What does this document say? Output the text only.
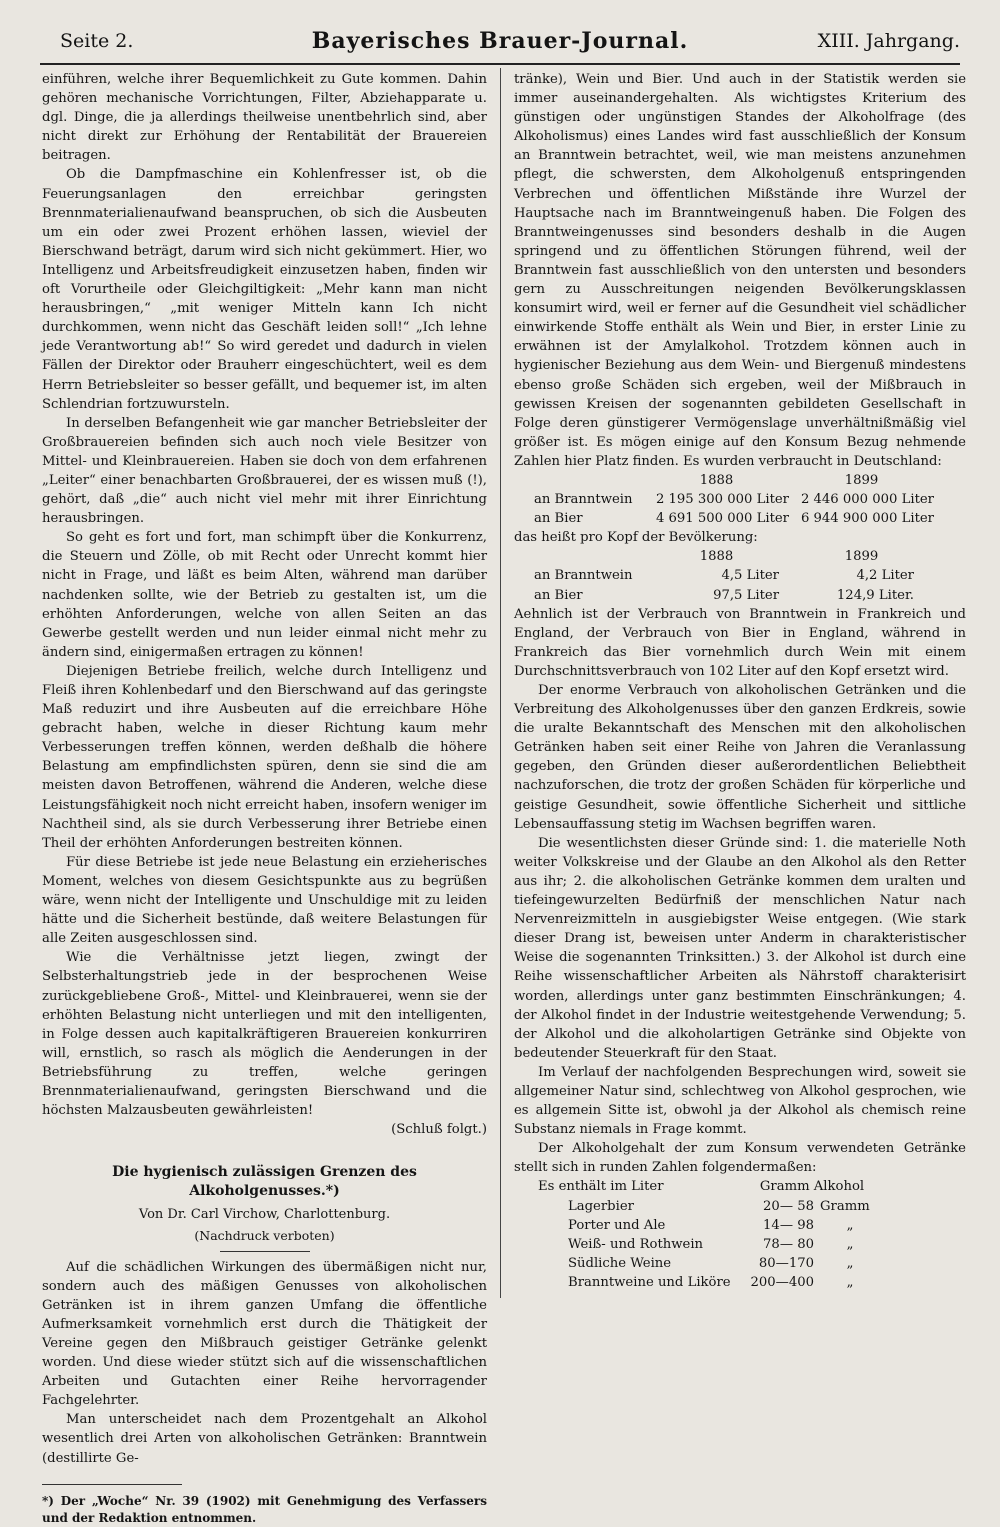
Seite 2.	Bayerisches Brauer-Journal.	XIII. Jahrgang.

einführen, welche ihrer Bequemlichkeit zu Gute kommen. Dahin gehören mechanische Vorrichtungen, Filter, Abziehapparate u. dgl. Dinge, die ja allerdings theilweise unentbehrlich sind, aber nicht direkt zur Erhöhung der Rentabilität der Brauereien beitragen.

Ob die Dampfmaschine ein Kohlenfresser ist, ob die Feuerungsanlagen den erreichbar geringsten Brennmaterialienaufwand beanspruchen, ob sich die Ausbeuten um ein oder zwei Prozent erhöhen lassen, wieviel der Bierschwand beträgt, darum wird sich nicht gekümmert. Hier, wo Intelligenz und Arbeitsfreudigkeit einzusetzen haben, finden wir oft Vorurtheile oder Gleichgiltigkeit: „Mehr kann man nicht herausbringen,“ „mit weniger Mitteln kann Ich nicht durchkommen, wenn nicht das Geschäft leiden soll!“ „Ich lehne jede Verantwortung ab!“ So wird geredet und dadurch in vielen Fällen der Direktor oder Brauherr eingeschüchtert, weil es dem Herrn Betriebsleiter so besser gefällt, und bequemer ist, im alten Schlendrian fortzuwursteln.

In derselben Befangenheit wie gar mancher Betriebsleiter der Großbrauereien befinden sich auch noch viele Besitzer von Mittel- und Kleinbrauereien. Haben sie doch von dem erfahrenen „Leiter“ einer benachbarten Großbrauerei, der es wissen muß (!), gehört, daß „die“ auch nicht viel mehr mit ihrer Einrichtung herausbringen.

So geht es fort und fort, man schimpft über die Konkurrenz, die Steuern und Zölle, ob mit Recht oder Unrecht kommt hier nicht in Frage, und läßt es beim Alten, während man darüber nachdenken sollte, wie der Betrieb zu gestalten ist, um die erhöhten Anforderungen, welche von allen Seiten an das Gewerbe gestellt werden und nun leider einmal nicht mehr zu ändern sind, einigermaßen ertragen zu können!

Diejenigen Betriebe freilich, welche durch Intelligenz und Fleiß ihren Kohlenbedarf und den Bierschwand auf das geringste Maß reduzirt und ihre Ausbeuten auf die erreichbare Höhe gebracht haben, welche in dieser Richtung kaum mehr Verbesserungen treffen können, werden deßhalb die höhere Belastung am empfindlichsten spüren, denn sie sind die am meisten davon Betroffenen, während die Anderen, welche diese Leistungsfähigkeit noch nicht erreicht haben, insofern weniger im Nachtheil sind, als sie durch Verbesserung ihrer Betriebe einen Theil der erhöhten Anforderungen bestreiten können.

Für diese Betriebe ist jede neue Belastung ein erzieherisches Moment, welches von diesem Gesichtspunkte aus zu begrüßen wäre, wenn nicht der Intelligente und Unschuldige mit zu leiden hätte und die Sicherheit bestünde, daß weitere Belastungen für alle Zeiten ausgeschlossen sind.

Wie die Verhältnisse jetzt liegen, zwingt der Selbsterhaltungstrieb jede in der besprochenen Weise zurückgebliebene Groß-, Mittel- und Kleinbrauerei, wenn sie der erhöhten Belastung nicht unterliegen und mit den intelligenten, in Folge dessen auch kapitalkräftigeren Brauereien konkurriren will, ernstlich, so rasch als möglich die Aenderungen in der Betriebsführung zu treffen, welche geringen Brennmaterialienaufwand, geringsten Bierschwand und die höchsten Malzausbeuten gewährleisten!

(Schluß folgt.)

Die hygienisch zulässigen Grenzen des Alkoholgenusses.*)
Von Dr. Carl Virchow, Charlottenburg.
(Nachdruck verboten)

Auf die schädlichen Wirkungen des übermäßigen nicht nur, sondern auch des mäßigen Genusses von alkoholischen Getränken ist in ihrem ganzen Umfang die öffentliche Aufmerksamkeit vornehmlich erst durch die Thätigkeit der Vereine gegen den Mißbrauch geistiger Getränke gelenkt worden. Und diese wieder stützt sich auf die wissenschaftlichen Arbeiten und Gutachten einer Reihe hervorragender Fachgelehrter.

Man unterscheidet nach dem Prozentgehalt an Alkohol wesentlich drei Arten von alkoholischen Getränken: Branntwein (destillirte Ge-

*) Der „Woche“ Nr. 39 (1902) mit Genehmigung des Verfassers und der Redaktion entnommen.

tränke), Wein und Bier. Und auch in der Statistik werden sie immer auseinandergehalten. Als wichtigstes Kriterium des günstigen oder ungünstigen Standes der Alkoholfrage (des Alkoholismus) eines Landes wird fast ausschließlich der Konsum an Branntwein betrachtet, weil, wie man meistens anzunehmen pflegt, die schwersten, dem Alkoholgenuß entspringenden Verbrechen und öffentlichen Mißstände ihre Wurzel der Hauptsache nach im Branntweingenuß haben. Die Folgen des Branntweingenusses sind besonders deshalb in die Augen springend und zu öffentlichen Störungen führend, weil der Branntwein fast ausschließlich von den untersten und besonders gern zu Ausschreitungen neigenden Bevölkerungsklassen konsumirt wird, weil er ferner auf die Gesundheit viel schädlicher einwirkende Stoffe enthält als Wein und Bier, in erster Linie zu erwähnen ist der Amylalkohol. Trotzdem können auch in hygienischer Beziehung aus dem Wein- und Biergenuß mindestens ebenso große Schäden sich ergeben, weil der Mißbrauch in gewissen Kreisen der sogenannten gebildeten Gesellschaft in Folge deren günstigerer Vermögenslage unverhältnißmäßig viel größer ist. Es mögen einige auf den Konsum Bezug nehmende Zahlen hier Platz finden. Es wurden verbraucht in Deutschland:

	1888	1899
an Branntwein	2 195 300 000 Liter	2 446 000 000 Liter
an Bier	4 691 500 000 Liter	6 944 900 000 Liter

das heißt pro Kopf der Bevölkerung:

	1888	1899
an Branntwein	4,5 Liter	4,2 Liter
an Bier	97,5 Liter	124,9 Liter.

Aehnlich ist der Verbrauch von Branntwein in Frankreich und England, der Verbrauch von Bier in England, während in Frankreich das Bier vornehmlich durch Wein mit einem Durchschnittsverbrauch von 102 Liter auf den Kopf ersetzt wird.

Der enorme Verbrauch von alkoholischen Getränken und die Verbreitung des Alkoholgenusses über den ganzen Erdkreis, sowie die uralte Bekanntschaft des Menschen mit den alkoholischen Getränken haben seit einer Reihe von Jahren die Veranlassung gegeben, den Gründen dieser außerordentlichen Beliebtheit nachzuforschen, die trotz der großen Schäden für körperliche und geistige Gesundheit, sowie öffentliche Sicherheit und sittliche Lebensauffassung stetig im Wachsen begriffen waren.

Die wesentlichsten dieser Gründe sind: 1. die materielle Noth weiter Volkskreise und der Glaube an den Alkohol als den Retter aus ihr; 2. die alkoholischen Getränke kommen dem uralten und tiefeingewurzelten Bedürfniß der menschlichen Natur nach Nervenreizmitteln in ausgiebigster Weise entgegen. (Wie stark dieser Drang ist, beweisen unter Anderm in charakteristischer Weise die sogenannten Trinksitten.) 3. der Alkohol ist durch eine Reihe wissenschaftlicher Arbeiten als Nährstoff charakterisirt worden, allerdings unter ganz bestimmten Einschränkungen; 4. der Alkohol findet in der Industrie weitestgehende Verwendung; 5. der Alkohol und die alkoholartigen Getränke sind Objekte von bedeutender Steuerkraft für den Staat.

Im Verlauf der nachfolgenden Besprechungen wird, soweit sie allgemeiner Natur sind, schlechtweg von Alkohol gesprochen, wie es allgemein Sitte ist, obwohl ja der Alkohol als chemisch reine Substanz niemals in Frage kommt.

Der Alkoholgehalt der zum Konsum verwendeten Getränke stellt sich in runden Zahlen folgendermaßen:

Es enthält im Liter	Gramm Alkohol	
Lagerbier	20— 58	Gramm
Porter und Ale	14— 98	„
Weiß- und Rothwein	78— 80	„
Südliche Weine	80—170	„
Branntweine und Liköre	200—400	„
